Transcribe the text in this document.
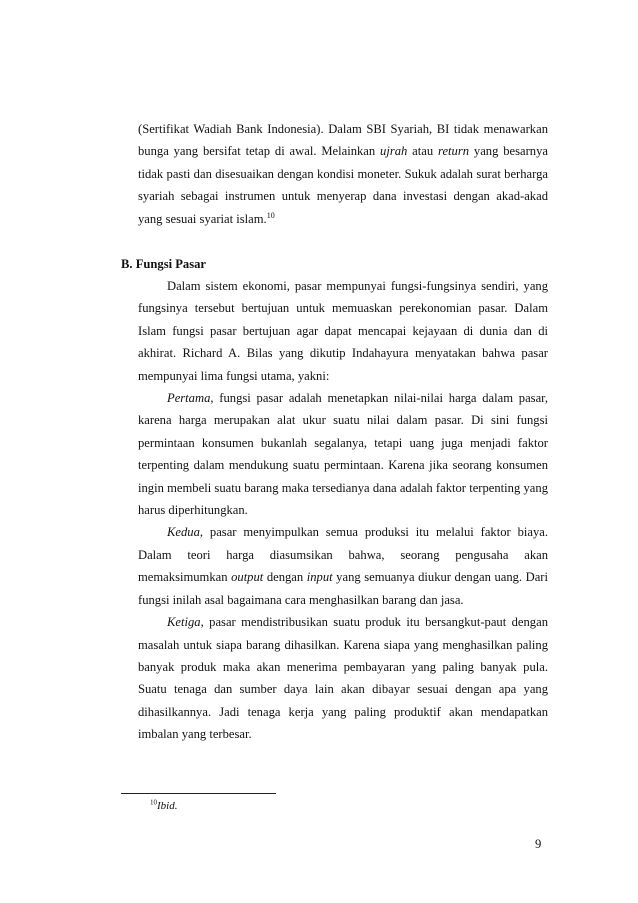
(Sertifikat Wadiah Bank Indonesia). Dalam SBI Syariah, BI tidak menawarkan bunga yang bersifat tetap di awal. Melainkan ujrah atau return yang besarnya tidak pasti dan disesuaikan dengan kondisi moneter. Sukuk adalah surat berharga syariah sebagai instrumen untuk menyerap dana investasi dengan akad-akad yang sesuai syariat islam.$^{10}$

B. Fungsi Pasar

Dalam sistem ekonomi, pasar mempunyai fungsi-fungsinya sendiri, yang fungsinya tersebut bertujuan untuk memuaskan perekonomian pasar. Dalam Islam fungsi pasar bertujuan agar dapat mencapai kejayaan di dunia dan di akhirat. Richard A. Bilas yang dikutip Indahayura menyatakan bahwa pasar mempunyai lima fungsi utama, yakni:

Pertama, fungsi pasar adalah menetapkan nilai-nilai harga dalam pasar, karena harga merupakan alat ukur suatu nilai dalam pasar. Di sini fungsi permintaan konsumen bukanlah segalanya, tetapi uang juga menjadi faktor terpenting dalam mendukung suatu permintaan. Karena jika seorang konsumen ingin membeli suatu barang maka tersedianya dana adalah faktor terpenting yang harus diperhitungkan.

Kedua, pasar menyimpulkan semua produksi itu melalui faktor biaya. Dalam teori harga diasumsikan bahwa, seorang pengusaha akan memaksimumkan output dengan input yang semuanya diukur dengan uang. Dari fungsi inilah asal bagaimana cara menghasilkan barang dan jasa.

Ketiga, pasar mendistribusikan suatu produk itu bersangkut-paut dengan masalah untuk siapa barang dihasilkan. Karena siapa yang menghasilkan paling banyak produk maka akan menerima pembayaran yang paling banyak pula. Suatu tenaga dan sumber daya lain akan dibayar sesuai dengan apa yang dihasilkannya. Jadi tenaga kerja yang paling produktif akan mendapatkan imbalan yang terbesar.

$^{10}$Ibid.
9
